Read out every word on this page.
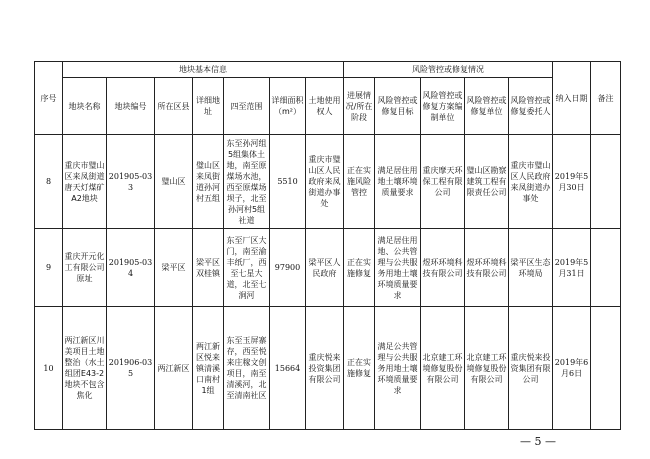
序号	地块基本信息							风险管控或修复情况					纳入日期	备注
	地块名称	地块编号	所在区县	详细地址	四至范围	详细面积（m²）	土地使用权人	进展情况/所在阶段	风险管控或修复目标	风险管控或修复方案编制单位	风险管控或修复单位	风险管控或修复委托人		
8	重庆市璧山区来凤街道唐天灯煤矿A2地块	201905-033	璧山区	璧山区来凤街道孙河村五组	东至孙河组5组集体土地，南至原煤场水池，西至原煤场坝子，北至孙河村5组社道	5510	重庆市璧山区人民政府来凤街道办事处	正在实施风险管控	满足居住用地土壤环境质量要求	重庆摩天环保工程有限公司	璧山区勘察建筑工程有限责任公司	重庆市璧山区人民政府来凤街道办事处	2019年5月30日	
9	重庆开元化工有限公司原址	201905-034	梁平区	梁平区双桂镇	东至厂区大门，南至渝丰纸厂，西至七星大道，北至七涧河	97900	梁平区人民政府	正在实施修复	满足居住用地、公共管理与公共服务用地土壤环境质量要求	煜环环境科技有限公司	煜环环境科技有限公司	梁平区生态环境局	2019年5月31日	
10	两江新区川美项目土地整治（水土组团E43-2地块不包含焦化	201906-035	两江新区	两江新区悦来镇清溪口南村1组	东至玉屏寨存，西至悦来庄稼文创项目，南至清溪河，北至清南社区	15664	重庆悦来投资集团有限公司	正在实施修复	满足公共管理与公共服务用地土壤环境质量要求	北京建工环境修复股份有限公司	北京建工环境修复股份有限公司	重庆悦来投资集团有限公司	2019年6月6日	
— 5 —
